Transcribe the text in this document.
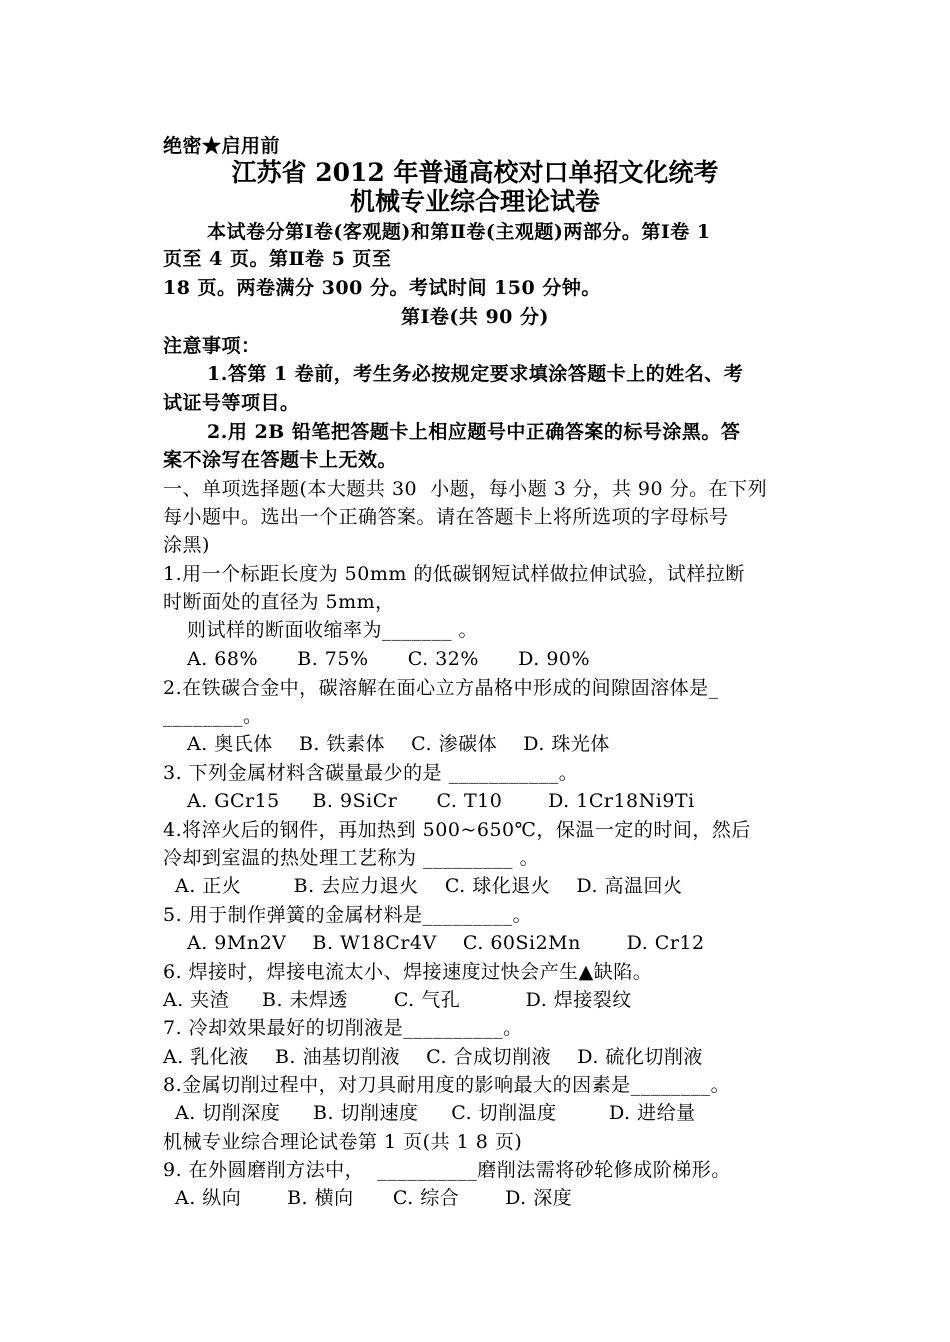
绝密★启用前
江苏省 2012 年普通高校对口单招文化统考
机械专业综合理论试卷
本试卷分第Ⅰ卷(客观题)和第Ⅱ卷(主观题)两部分。第Ⅰ卷 1
页至 4 页。第Ⅱ卷 5 页至
18 页。两卷满分 300 分。考试时间 150 分钟。
第Ⅰ卷(共 90 分)
注意事项：
1.答第 1 卷前，考生务必按规定要求填涂答题卡上的姓名、考
试证号等项目。
2.用 2B 铅笔把答题卡上相应题号中正确答案的标号涂黑。答
案不涂写在答题卡上无效。
一、单项选择题(本大题共 30  小题，每小题 3 分，共 90 分。在下列
每小题中。选出一个正确答案。请在答题卡上将所选项的字母标号
涂黑)
1.用一个标距长度为 50mm 的低碳钢短试样做拉伸试验，试样拉断
时断面处的直径为 5mm，
则试样的断面收缩率为_______ 。
A. 68%      B. 75%      C. 32%      D. 90%
2.在铁碳合金中，碳溶解在面心立方晶格中形成的间隙固溶体是_
________。
A. 奥氏体    B. 铁素体    C. 渗碳体    D. 珠光体
3. 下列金属材料含碳量最少的是 ___________。
A. GCr15     B. 9SiCr      C. T10       D. 1Cr18Ni9Ti
4.将淬火后的钢件，再加热到 500~650℃，保温一定的时间，然后
冷却到室温的热处理工艺称为 _________ 。
A. 正火        B. 去应力退火    C. 球化退火    D. 高温回火
5. 用于制作弹簧的金属材料是_________。
A. 9Mn2V    B. W18Cr4V    C. 60Si2Mn       D. Cr12
6. 焊接时，焊接电流太小、焊接速度过快会产生▲缺陷。
A. 夹渣     B. 未焊透       C. 气孔          D. 焊接裂纹
7. 冷却效果最好的切削液是__________。
A. 乳化液    B. 油基切削液    C. 合成切削液    D. 硫化切削液
8.金属切削过程中，对刀具耐用度的影响最大的因素是________。
A. 切削深度     B. 切削速度     C. 切削温度        D. 进给量
机械专业综合理论试卷第 1 页(共 1 8 页)
9. 在外圆磨削方法中，  __________磨削法需将砂轮修成阶梯形。
A. 纵向       B. 横向      C. 综合       D. 深度
